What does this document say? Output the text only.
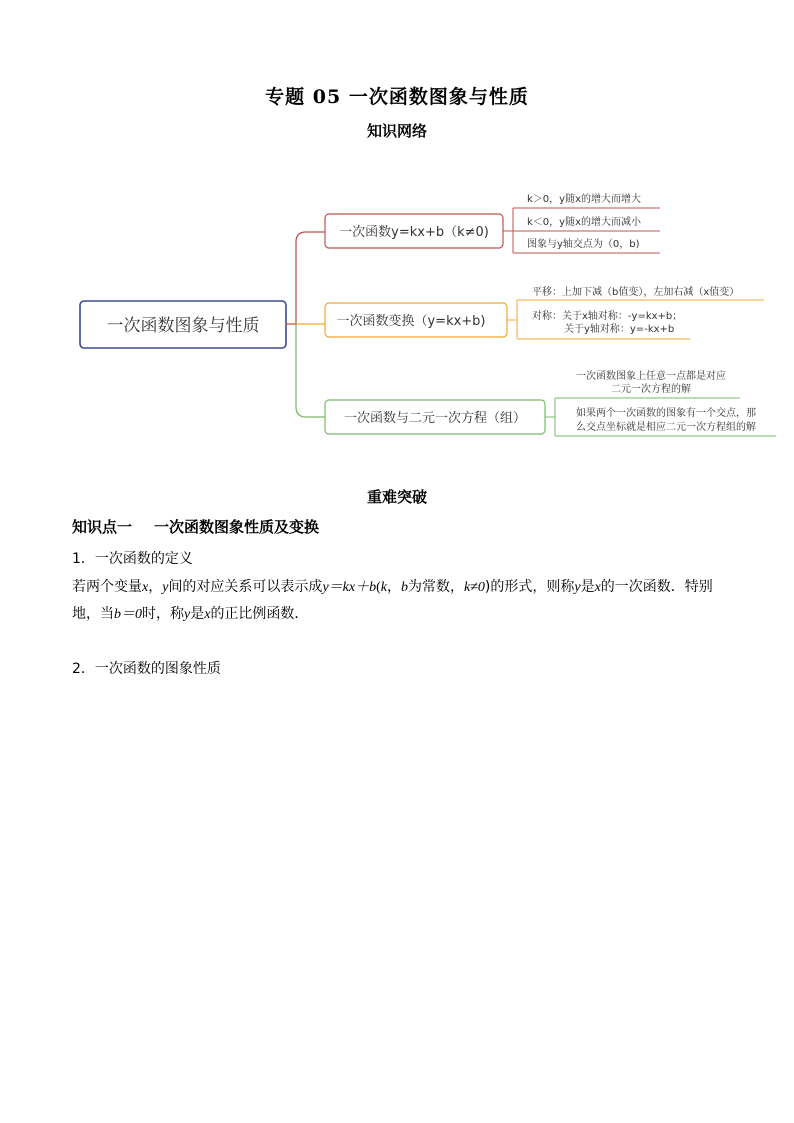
专题 05 一次函数图象与性质
知识网络
一次函数图象与性质
一次函数y=kx+b（k≠0)
k＞0，y随x的增大而增大
k＜0，y随x的增大而减小
图象与y轴交点为（0，b)
一次函数变换（y=kx+b)
平移：上加下减（b值变），左加右减（x值变）
对称：关于x轴对称：-y=kx+b；
关于y轴对称：y=-kx+b
一次函数与二元一次方程（组）
一次函数图象上任意一点都是对应
二元一次方程的解
如果两个一次函数的图象有一个交点，那
么交点坐标就是相应二元一次方程组的解
重难突破
知识点一 一次函数图象性质及变换
1．一次函数的定义
若两个变量x，y间的对应关系可以表示成y＝kx＋b(k，b为常数，k≠0)的形式，则称y是x的一次函数．特别地，当b＝0时，称y是x的正比例函数．
2．一次函数的图象性质
